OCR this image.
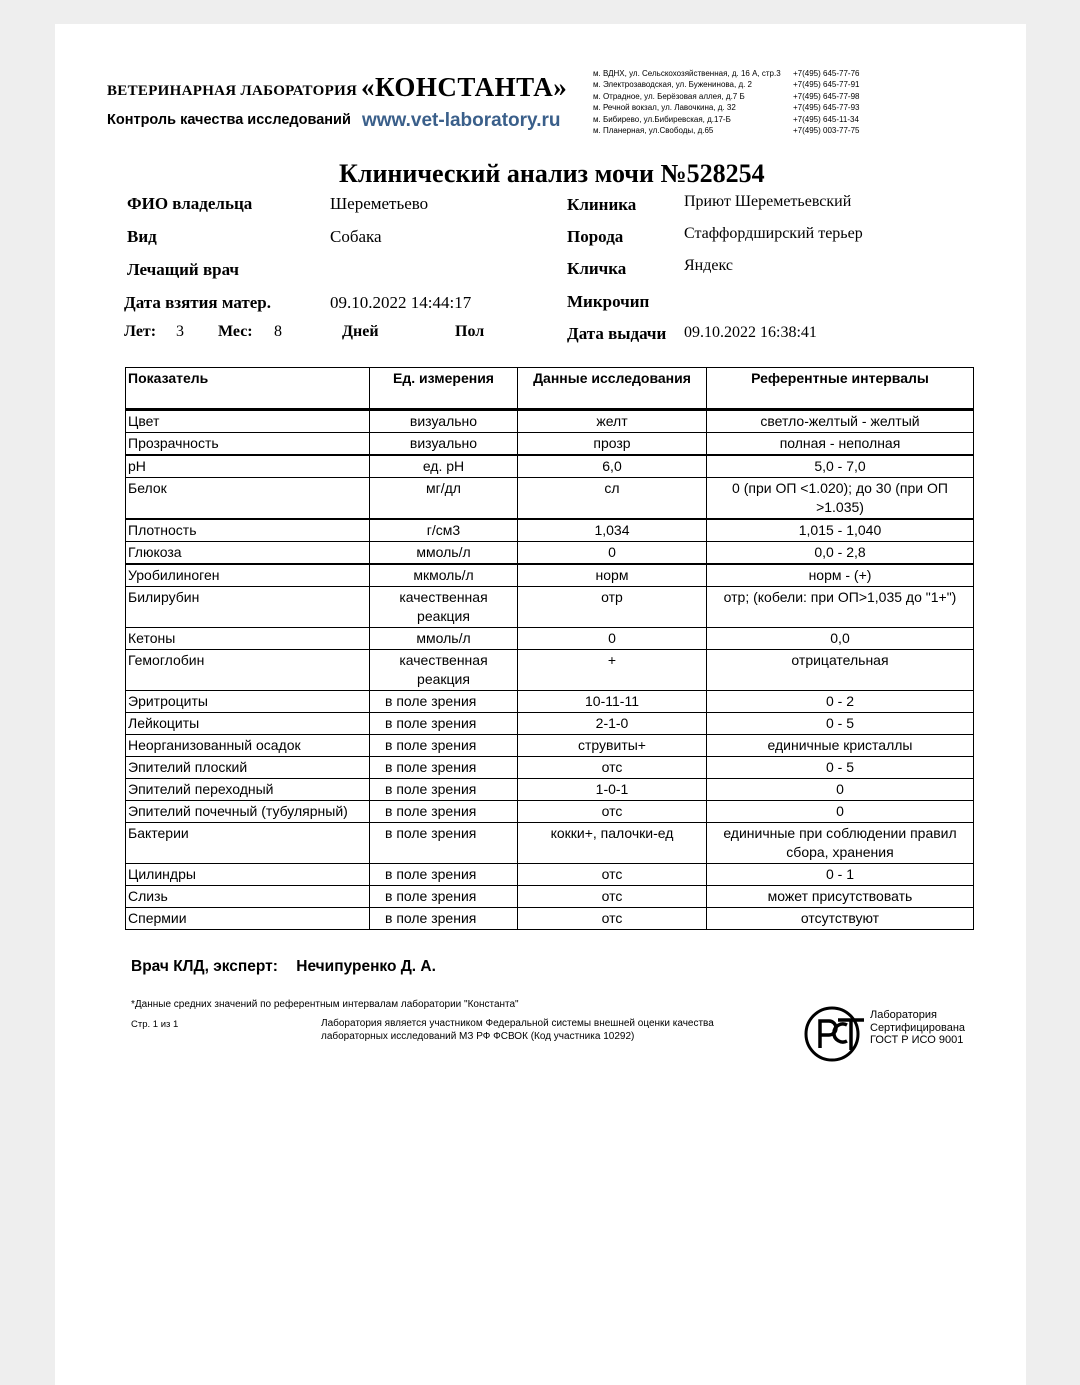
ВЕТЕРИНАРНАЯ ЛАБОРАТОРИЯ «КОНСТАНТА»
Контроль качества исследований www.vet-laboratory.ru
м. ВДНХ, ул. Сельскохозяйственная, д. 16 А, стр.3	+7(495) 645-77-76
м. Электрозаводская, ул. Буженинова, д. 2	+7(495) 645-77-91
м. Отрадное, ул. Берёзовая аллея, д.7 Б	+7(495) 645-77-98
м. Речной вокзал, ул. Лавочкина, д. 32	+7(495) 645-77-93
м. Бибирево, ул.Бибиревская, д.17-Б	+7(495) 645-11-34
м. Планерная, ул.Свободы, д.65	+7(495) 003-77-75
Клинический анализ мочи №528254
ФИО владельца	Шереметьево
Вид	Собака
Лечащий врач
Дата взятия матер.	09.10.2022 14:44:17
Лет: 3 Мес: 8	Дней	Пол
Клиника	Приют Шереметьевский
Порода	Стаффордширский терьер
Кличка	Яндекс
Микрочип
Дата выдачи 09.10.2022 16:38:41
Показатель	Ед. измерения	Данные исследования	Референтные интервалы
Цвет	визуально	желт	светло-желтый - желтый
Прозрачность	визуально	прозр	полная - неполная
pH	ед. pH	6,0	5,0 - 7,0
Белок	мг/дл	сл	0 (при ОП <1.020); до 30 (при ОП >1.035)
Плотность	г/см3	1,034	1,015 - 1,040
Глюкоза	ммоль/л	0	0,0 - 2,8
Уробилиноген	мкмоль/л	норм	норм - (+)
Билирубин	качественная реакция	отр	отр; (кобели: при ОП>1,035 до "1+")
Кетоны	ммоль/л	0	0,0
Гемоглобин	качественная реакция	+	отрицательная
Эритроциты	в поле зрения	10-11-11	0 - 2
Лейкоциты	в поле зрения	2-1-0	0 - 5
Неорганизованный осадок	в поле зрения	струвиты+	единичные кристаллы
Эпителий плоский	в поле зрения	отс	0 - 5
Эпителий переходный	в поле зрения	1-0-1	0
Эпителий почечный (тубулярный)	в поле зрения	отс	0
Бактерии	в поле зрения	кокки+, палочки-ед	единичные при соблюдении правил сбора, хранения
Цилиндры	в поле зрения	отс	0 - 1
Слизь	в поле зрения	отс	может присутствовать
Спермии	в поле зрения	отс	отсутствуют
Врач КЛД, эксперт: Нечипуренко Д. А.
*Данные средних значений по референтным интервалам лаборатории "Константа"
Стр. 1 из 1	Лаборатория является участником Федеральной системы внешней оценки качества лабораторных исследований МЗ РФ ФСВОК (Код участника 10292)
Лаборатория
Сертифицирована
ГОСТ Р ИСО 9001
